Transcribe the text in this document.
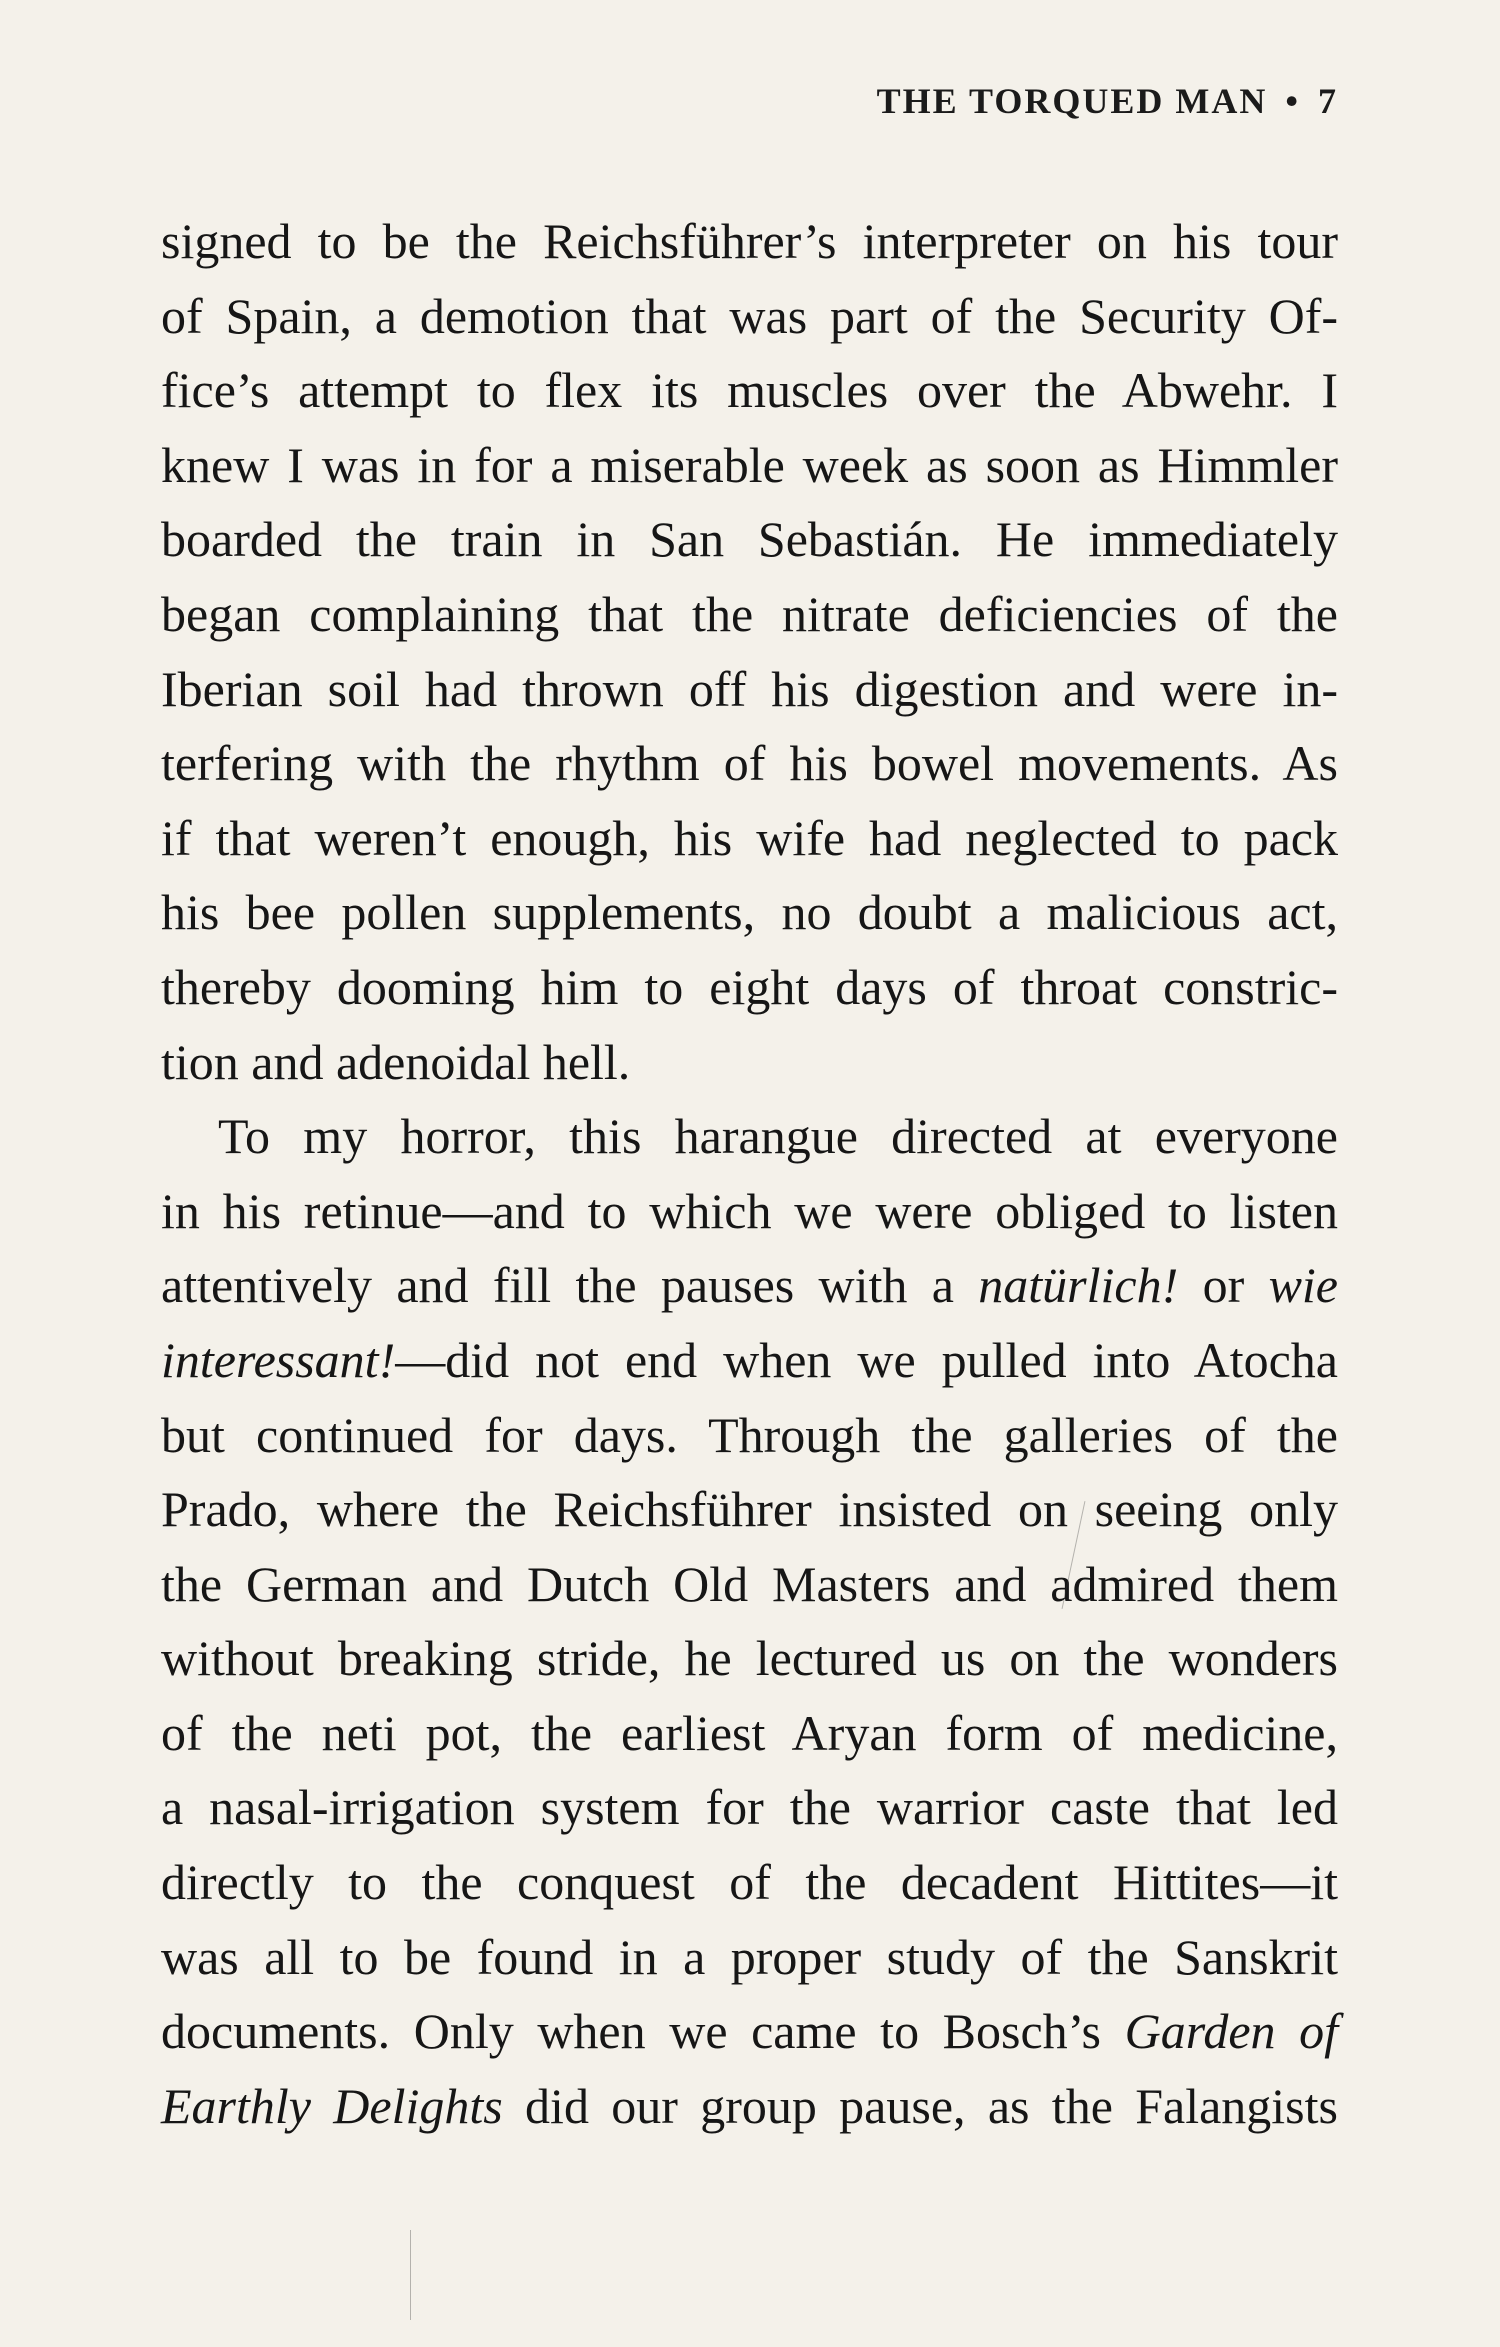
THE TORQUED MAN • 7
signed to be the Reichsführer’s interpreter on his tour
of Spain, a demotion that was part of the Security Of-
fice’s attempt to flex its muscles over the Abwehr. I
knew I was in for a miserable week as soon as Himmler
boarded the train in San Sebastián. He immediately
began complaining that the nitrate deficiencies of the
Iberian soil had thrown off his digestion and were in-
terfering with the rhythm of his bowel movements. As
if that weren’t enough, his wife had neglected to pack
his bee pollen supplements, no doubt a malicious act,
thereby dooming him to eight days of throat constric-
tion and adenoidal hell.
To my horror, this harangue directed at everyone
in his retinue—and to which we were obliged to listen
attentively and fill the pauses with a natürlich! or wie
interessant!—did not end when we pulled into Atocha
but continued for days. Through the galleries of the
Prado, where the Reichsführer insisted on seeing only
the German and Dutch Old Masters and admired them
without breaking stride, he lectured us on the wonders
of the neti pot, the earliest Aryan form of medicine,
a nasal-irrigation system for the warrior caste that led
directly to the conquest of the decadent Hittites—it
was all to be found in a proper study of the Sanskrit
documents. Only when we came to Bosch’s Garden of
Earthly Delights did our group pause, as the Falangists
